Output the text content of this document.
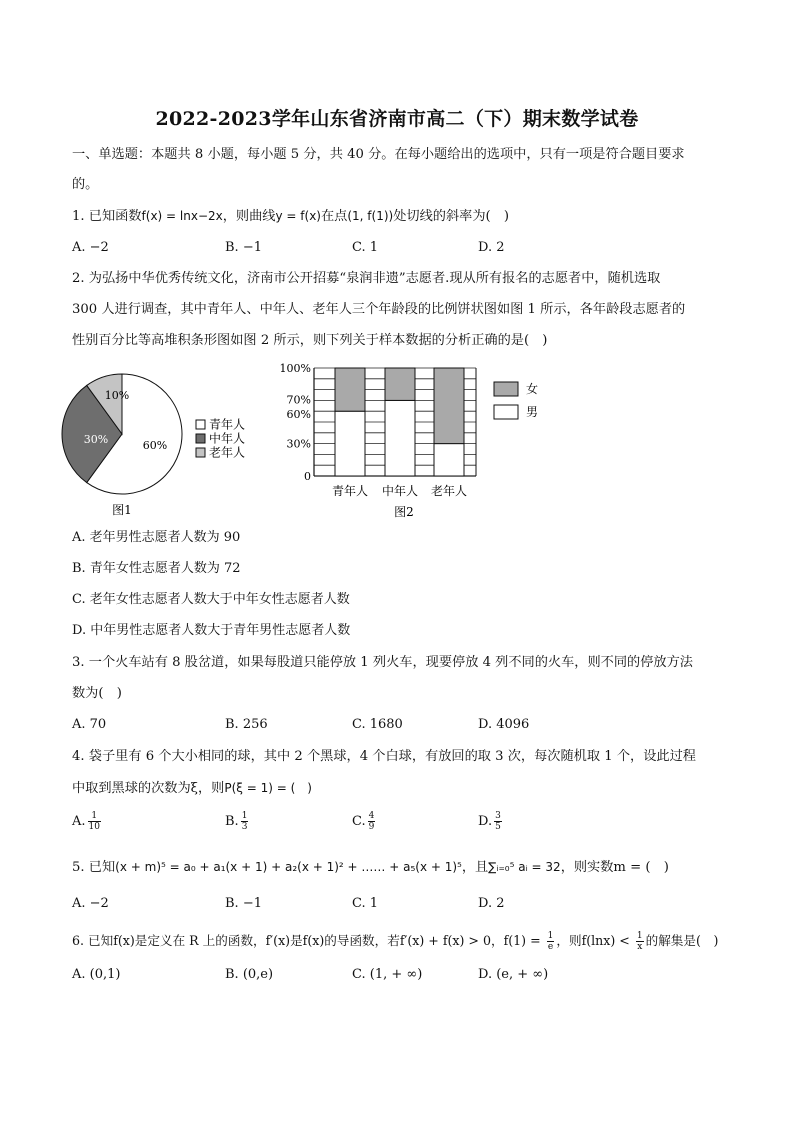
2022-2023学年山东省济南市高二（下）期末数学试卷
一、单选题：本题共 8 小题，每小题 5 分，共 40 分。在每小题给出的选项中，只有一项是符合题目要求
的。
1. 已知函数f(x) = lnx−2x，则曲线y = f(x)在点(1, f(1))处切线的斜率为(　)
A. −2	B. −1	C. 1	D. 2
2. 为弘扬中华优秀传统文化，济南市公开招募“泉润非遗”志愿者.现从所有报名的志愿者中，随机选取
300 人进行调查，其中青年人、中年人、老年人三个年龄段的比例饼状图如图 1 所示，各年龄段志愿者的
性别百分比等高堆积条形图如图 2 所示，则下列关于样本数据的分析正确的是(　)
60%
30%
10%
青年人
中年人
老年人
图1
0
30%
60%
70%
100%
青年人 中年人 老年人
女
男
图2
A. 老年男性志愿者人数为 90
B. 青年女性志愿者人数为 72
C. 老年女性志愿者人数大于中年女性志愿者人数
D. 中年男性志愿者人数大于青年男性志愿者人数
3. 一个火车站有 8 股岔道，如果每股道只能停放 1 列火车，现要停放 4 列不同的火车，则不同的停放方法
数为(　)
A. 70	B. 256	C. 1680	D. 4096
4. 袋子里有 6 个大小相同的球，其中 2 个黑球，4 个白球，有放回的取 3 次，每次随机取 1 个，设此过程
中取到黑球的次数为ξ，则P(ξ = 1) = (　)
A. $\frac{1}{10}$	B. $\frac{1}{3}$	C. $\frac{4}{9}$	D. $\frac{3}{5}$
5. 已知(x + m)⁵ = a₀ + a₁(x + 1) + a₂(x + 1)² + …… + a₅(x + 1)⁵，且∑ᵢ₌₀⁵ aᵢ = 32，则实数m = (　)
A. −2	B. −1	C. 1	D. 2
6. 已知f(x)是定义在 R 上的函数，f′(x)是f(x)的导函数，若f′(x) + f(x) > 0，$f(1) = \frac{1}{e}$ ，则$f(\ln x) < \frac{1}{x}$ 的解集是(　)
A. (0,1)	B. (0,e)	C. (1, + ∞)	D. (e, + ∞)
